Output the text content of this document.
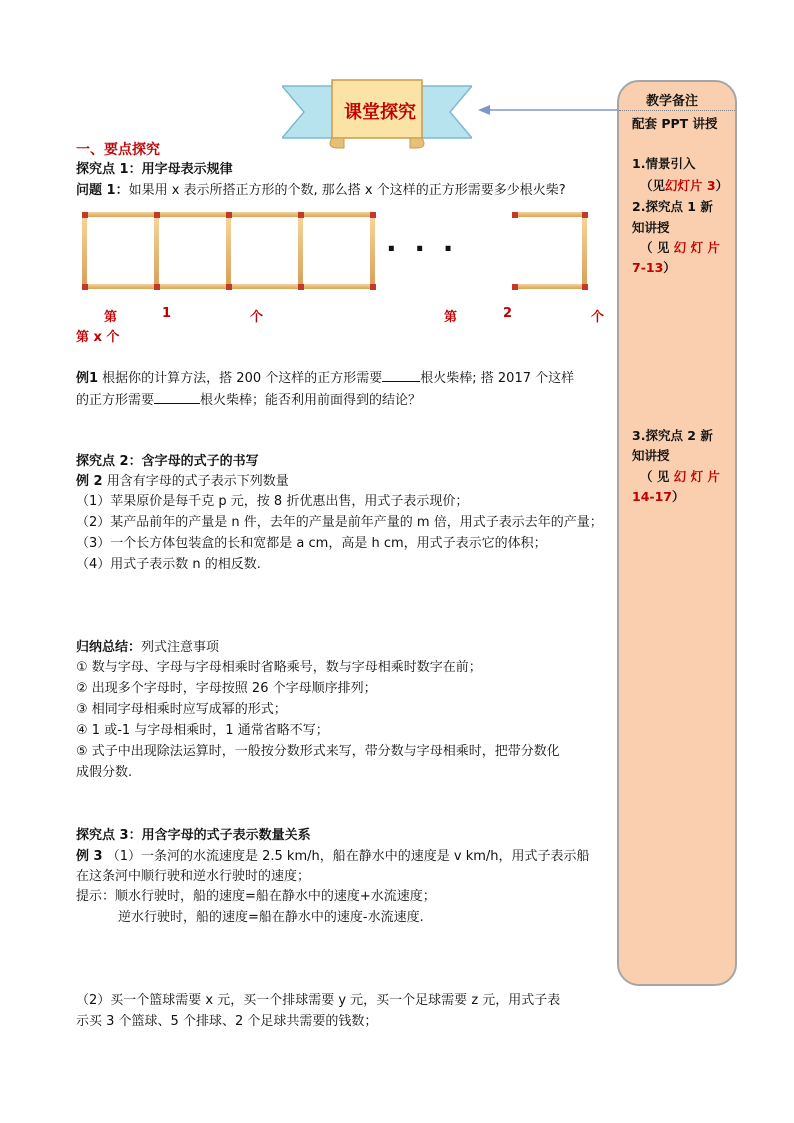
课堂探究
教学备注
配套 PPT 讲授
1.情景引入
（见幻灯片 3）
2.探究点 1 新
知讲授
（ 见 幻 灯 片
7-13）
3.探究点 2 新
知讲授
（ 见 幻 灯 片
14-17）
一、要点探究
探究点 1：用字母表示规律
问题 1：如果用 x 表示所搭正方形的个数, 那么搭 x 个这样的正方形需要多少根火柴?
· · ·
第	1	个	第	2	个
第 x 个
例1 根据你的计算方法，搭 200 个这样的正方形需要	根火柴棒; 搭 2017 个这样
的正方形需要	根火柴棒；能否利用前面得到的结论？
探究点 2：含字母的式子的书写
例 2 用含有字母的式子表示下列数量
（1）苹果原价是每千克 p 元，按 8 折优惠出售，用式子表示现价；
（2）某产品前年的产量是 n 件，去年的产量是前年产量的 m 倍，用式子表示去年的产量；
（3）一个长方体包装盒的长和宽都是 a cm，高是 h cm，用式子表示它的体积；
（4）用式子表示数 n 的相反数.
归纳总结：列式注意事项
① 数与字母、字母与字母相乘时省略乘号，数与字母相乘时数字在前；
② 出现多个字母时，字母按照 26 个字母顺序排列；
③ 相同字母相乘时应写成幂的形式；
④ 1 或-1 与字母相乘时，1 通常省略不写；
⑤ 式子中出现除法运算时，一般按分数形式来写，带分数与字母相乘时，把带分数化
成假分数.
探究点 3：用含字母的式子表示数量关系
例 3 （1）一条河的水流速度是 2.5 km/h，船在静水中的速度是 v km/h，用式子表示船
在这条河中顺行驶和逆水行驶时的速度；
提示：顺水行驶时，船的速度=船在静水中的速度+水流速度；
逆水行驶时，船的速度=船在静水中的速度-水流速度.
（2）买一个篮球需要 x 元，买一个排球需要 y 元，买一个足球需要 z 元，用式子表
示买 3 个篮球、5 个排球、2 个足球共需要的钱数；
